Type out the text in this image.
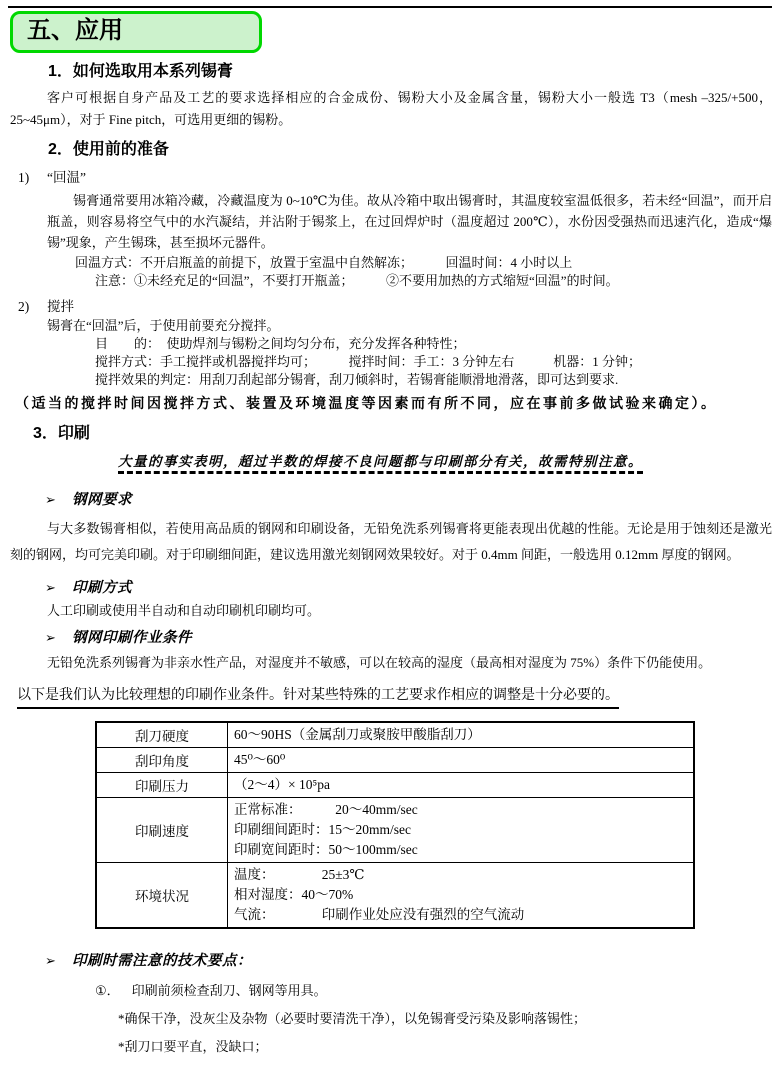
五、应用
1．如何选取用本系列锡膏

客户可根据自身产品及工艺的要求选择相应的合金成份、锡粉大小及金属含量，锡粉大小一般选 T3（mesh –325/+500，25~45μm），对于 Fine pitch，可选用更细的锡粉。

2．使用前的准备
1) “回温”

锡膏通常要用冰箱冷藏，冷藏温度为 0~10℃为佳。故从冷箱中取出锡膏时，其温度较室温低很多，若未经“回温”，而开启瓶盖，则容易将空气中的水汽凝结，并沾附于锡浆上，在过回焊炉时（温度超过 200℃），水份因受强热而迅速汽化，造成“爆锡”现象，产生锡珠，甚至损坏元器件。

回温方式：不开启瓶盖的前提下，放置于室温中自然解冻；　　　回温时间：4 小时以上
注意：①未经充足的“回温”，不要打开瓶盖；　　　②不要用加热的方式缩短“回温”的时间。
2) 搅拌
锡膏在“回温”后，于使用前要充分搅拌。
目　　的：　使助焊剂与锡粉之间均匀分布，充分发挥各种特性；
搅拌方式：手工搅拌或机器搅拌均可；　　　搅拌时间：手工：3 分钟左右　　　机器：1 分钟；
搅拌效果的判定：用刮刀刮起部分锡膏，刮刀倾斜时，若锡膏能顺滑地滑落，即可达到要求.
（适当的搅拌时间因搅拌方式、装置及环境温度等因素而有所不同，应在事前多做试验来确定）。
3．印刷
大量的事实表明，超过半数的焊接不良问题都与印刷部分有关，故需特别注意。
➢ 钢网要求

与大多数锡膏相似，若使用高品质的钢网和印刷设备，无铅免洗系列锡膏将更能表现出优越的性能。无论是用于蚀刻还是激光刻的钢网，均可完美印刷。对于印刷细间距，建议选用激光刻钢网效果较好。对于 0.4mm 间距，一般选用 0.12mm 厚度的钢网。

➢ 印刷方式
人工印刷或使用半自动和自动印刷机印刷均可。
➢ 钢网印刷作业条件
无铅免洗系列锡膏为非亲水性产品，对湿度并不敏感，可以在较高的湿度（最高相对湿度为 75%）条件下仍能使用。
以下是我们认为比较理想的印刷作业条件。针对某些特殊的工艺要求作相应的调整是十分必要的。
刮刀硬度	60～90HS（金属刮刀或聚胺甲酸脂刮刀）

刮印角度	45⁰～60⁰

印刷压力	（2～4）× 10⁵pa

印刷速度	正常标准：　　　20～40mm/sec
印刷细间距时：15～20mm/sec
印刷宽间距时：50～100mm/sec

环境状况	温度：　　　　25±3℃
相对湿度：40～70%
气流：　　　　印刷作业处应没有强烈的空气流动
➢ 印刷时需注意的技术要点：
①． 印刷前须检查刮刀、钢网等用具。
*确保干净，没灰尘及杂物（必要时要清洗干净），以免锡膏受污染及影响落锡性；
*刮刀口要平直，没缺口；
